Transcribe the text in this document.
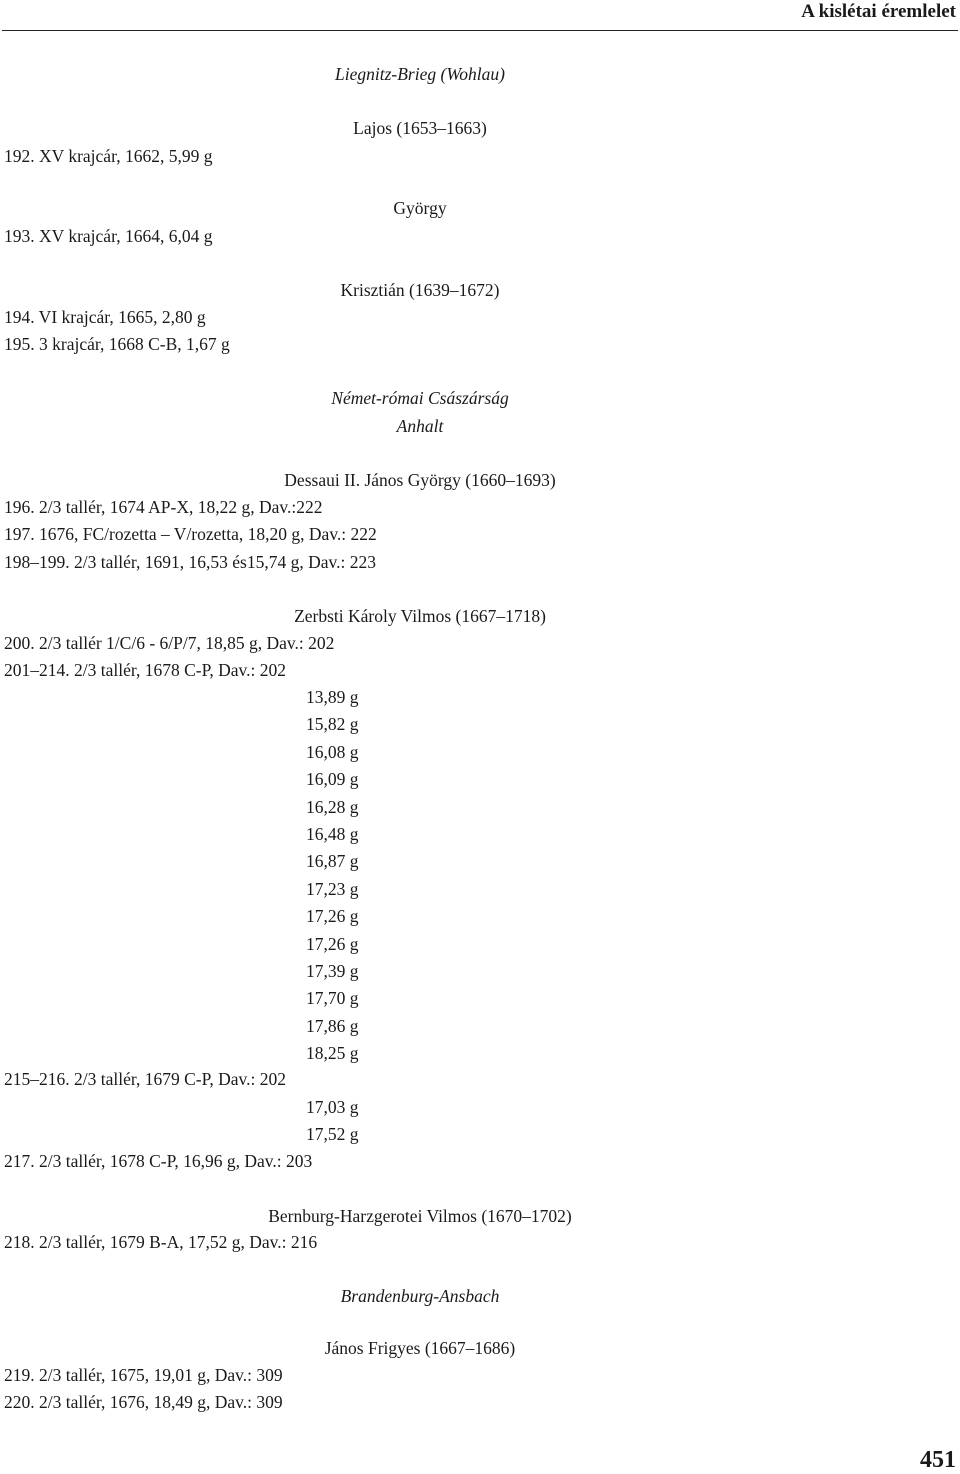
A kislétai éremlelet
Liegnitz-Brieg (Wohlau)
Lajos (1653–1663)
192. XV krajcár, 1662, 5,99 g
György
193. XV krajcár, 1664, 6,04 g
Krisztián (1639–1672)
194. VI krajcár, 1665, 2,80 g
195. 3 krajcár, 1668 C-B, 1,67 g
Német-római Császárság
Anhalt
Dessaui II. János György (1660–1693)
196. 2/3 tallér, 1674 AP-X, 18,22 g, Dav.:222
197. 1676, FC/rozetta – V/rozetta, 18,20 g, Dav.: 222
198–199. 2/3 tallér, 1691, 16,53 és15,74 g, Dav.: 223
Zerbsti Károly Vilmos (1667–1718)
200. 2/3 tallér 1/C/6 - 6/P/7, 18,85 g, Dav.: 202
201–214. 2/3 tallér, 1678 C-P, Dav.: 202
13,89 g
15,82 g
16,08 g
16,09 g
16,28 g
16,48 g
16,87 g
17,23 g
17,26 g
17,26 g
17,39 g
17,70 g
17,86 g
18,25 g
215–216. 2/3 tallér, 1679 C-P, Dav.: 202
17,03 g
17,52 g
217. 2/3 tallér, 1678 C-P, 16,96 g, Dav.: 203
Bernburg-Harzgerotei Vilmos (1670–1702)
218. 2/3 tallér, 1679 B-A, 17,52 g, Dav.: 216
Brandenburg-Ansbach
János Frigyes (1667–1686)
219. 2/3 tallér, 1675, 19,01 g, Dav.: 309
220. 2/3 tallér, 1676, 18,49 g, Dav.: 309
451
